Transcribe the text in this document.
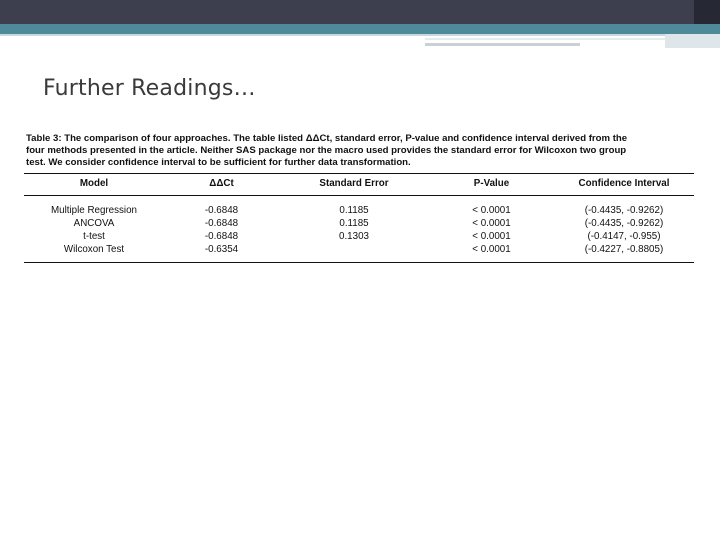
Further Readings…

Table 3: The comparison of four approaches. The table listed ΔΔCt, standard error, P-value and confidence interval derived from the
four methods presented in the article. Neither SAS package nor the macro used provides the standard error for Wilcoxon two group
test. We consider confidence interval to be sufficient for further data transformation.

Model	ΔΔCt	Standard Error	P-Value	Confidence Interval
Multiple Regression	-0.6848	0.1185	< 0.0001	(-0.4435, -0.9262)
ANCOVA	-0.6848	0.1185	< 0.0001	(-0.4435, -0.9262)
t-test	-0.6848	0.1303	< 0.0001	(-0.4147, -0.955)
Wilcoxon Test	-0.6354		< 0.0001	(-0.4227, -0.8805)
